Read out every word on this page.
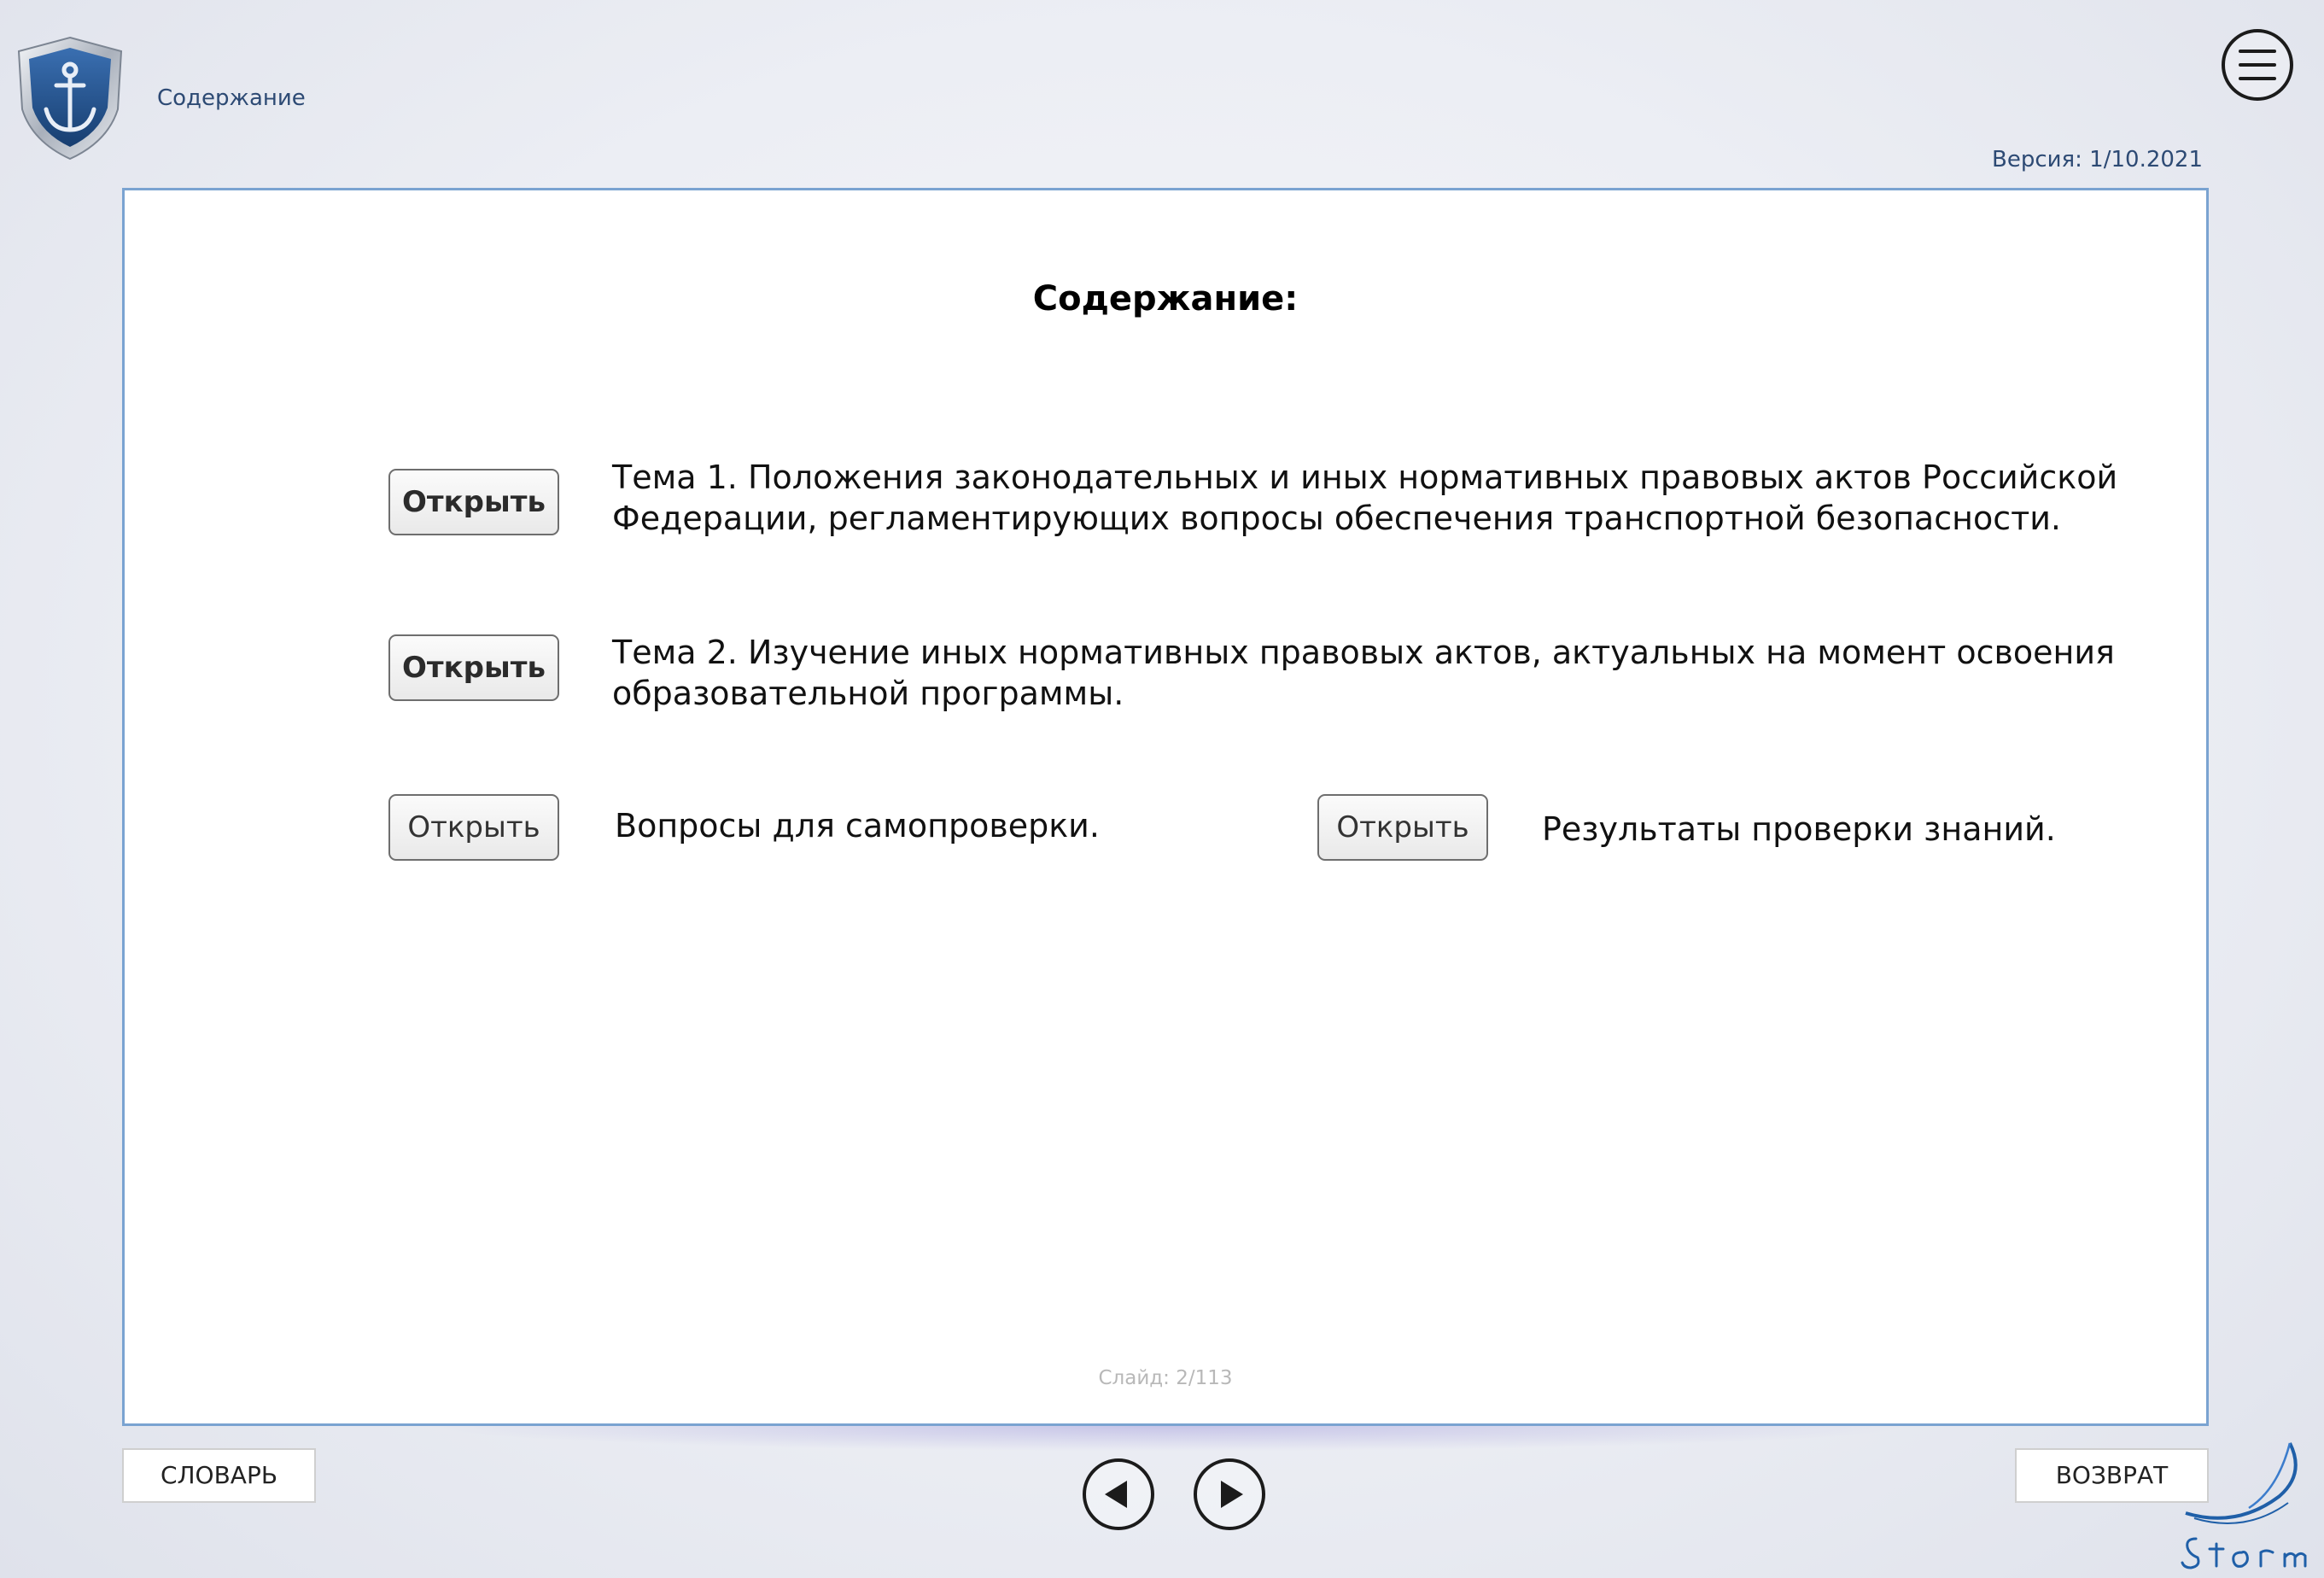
Содержание
Версия: 1/10.2021
Содержание:
Открыть
Тема 1. Положения законодательных и иных нормативных правовых актов Российской
Федерации, регламентирующих вопросы обеспечения транспортной безопасности.
Открыть	Тема 2. Изучение иных нормативных правовых актов, актуальных на момент освоения
образовательной программы.
Открыть	Вопросы для самопроверки.	Открыть	Результаты проверки знаний.
Слайд: 2/113
СЛОВАРЬ	ВОЗВРАТ
